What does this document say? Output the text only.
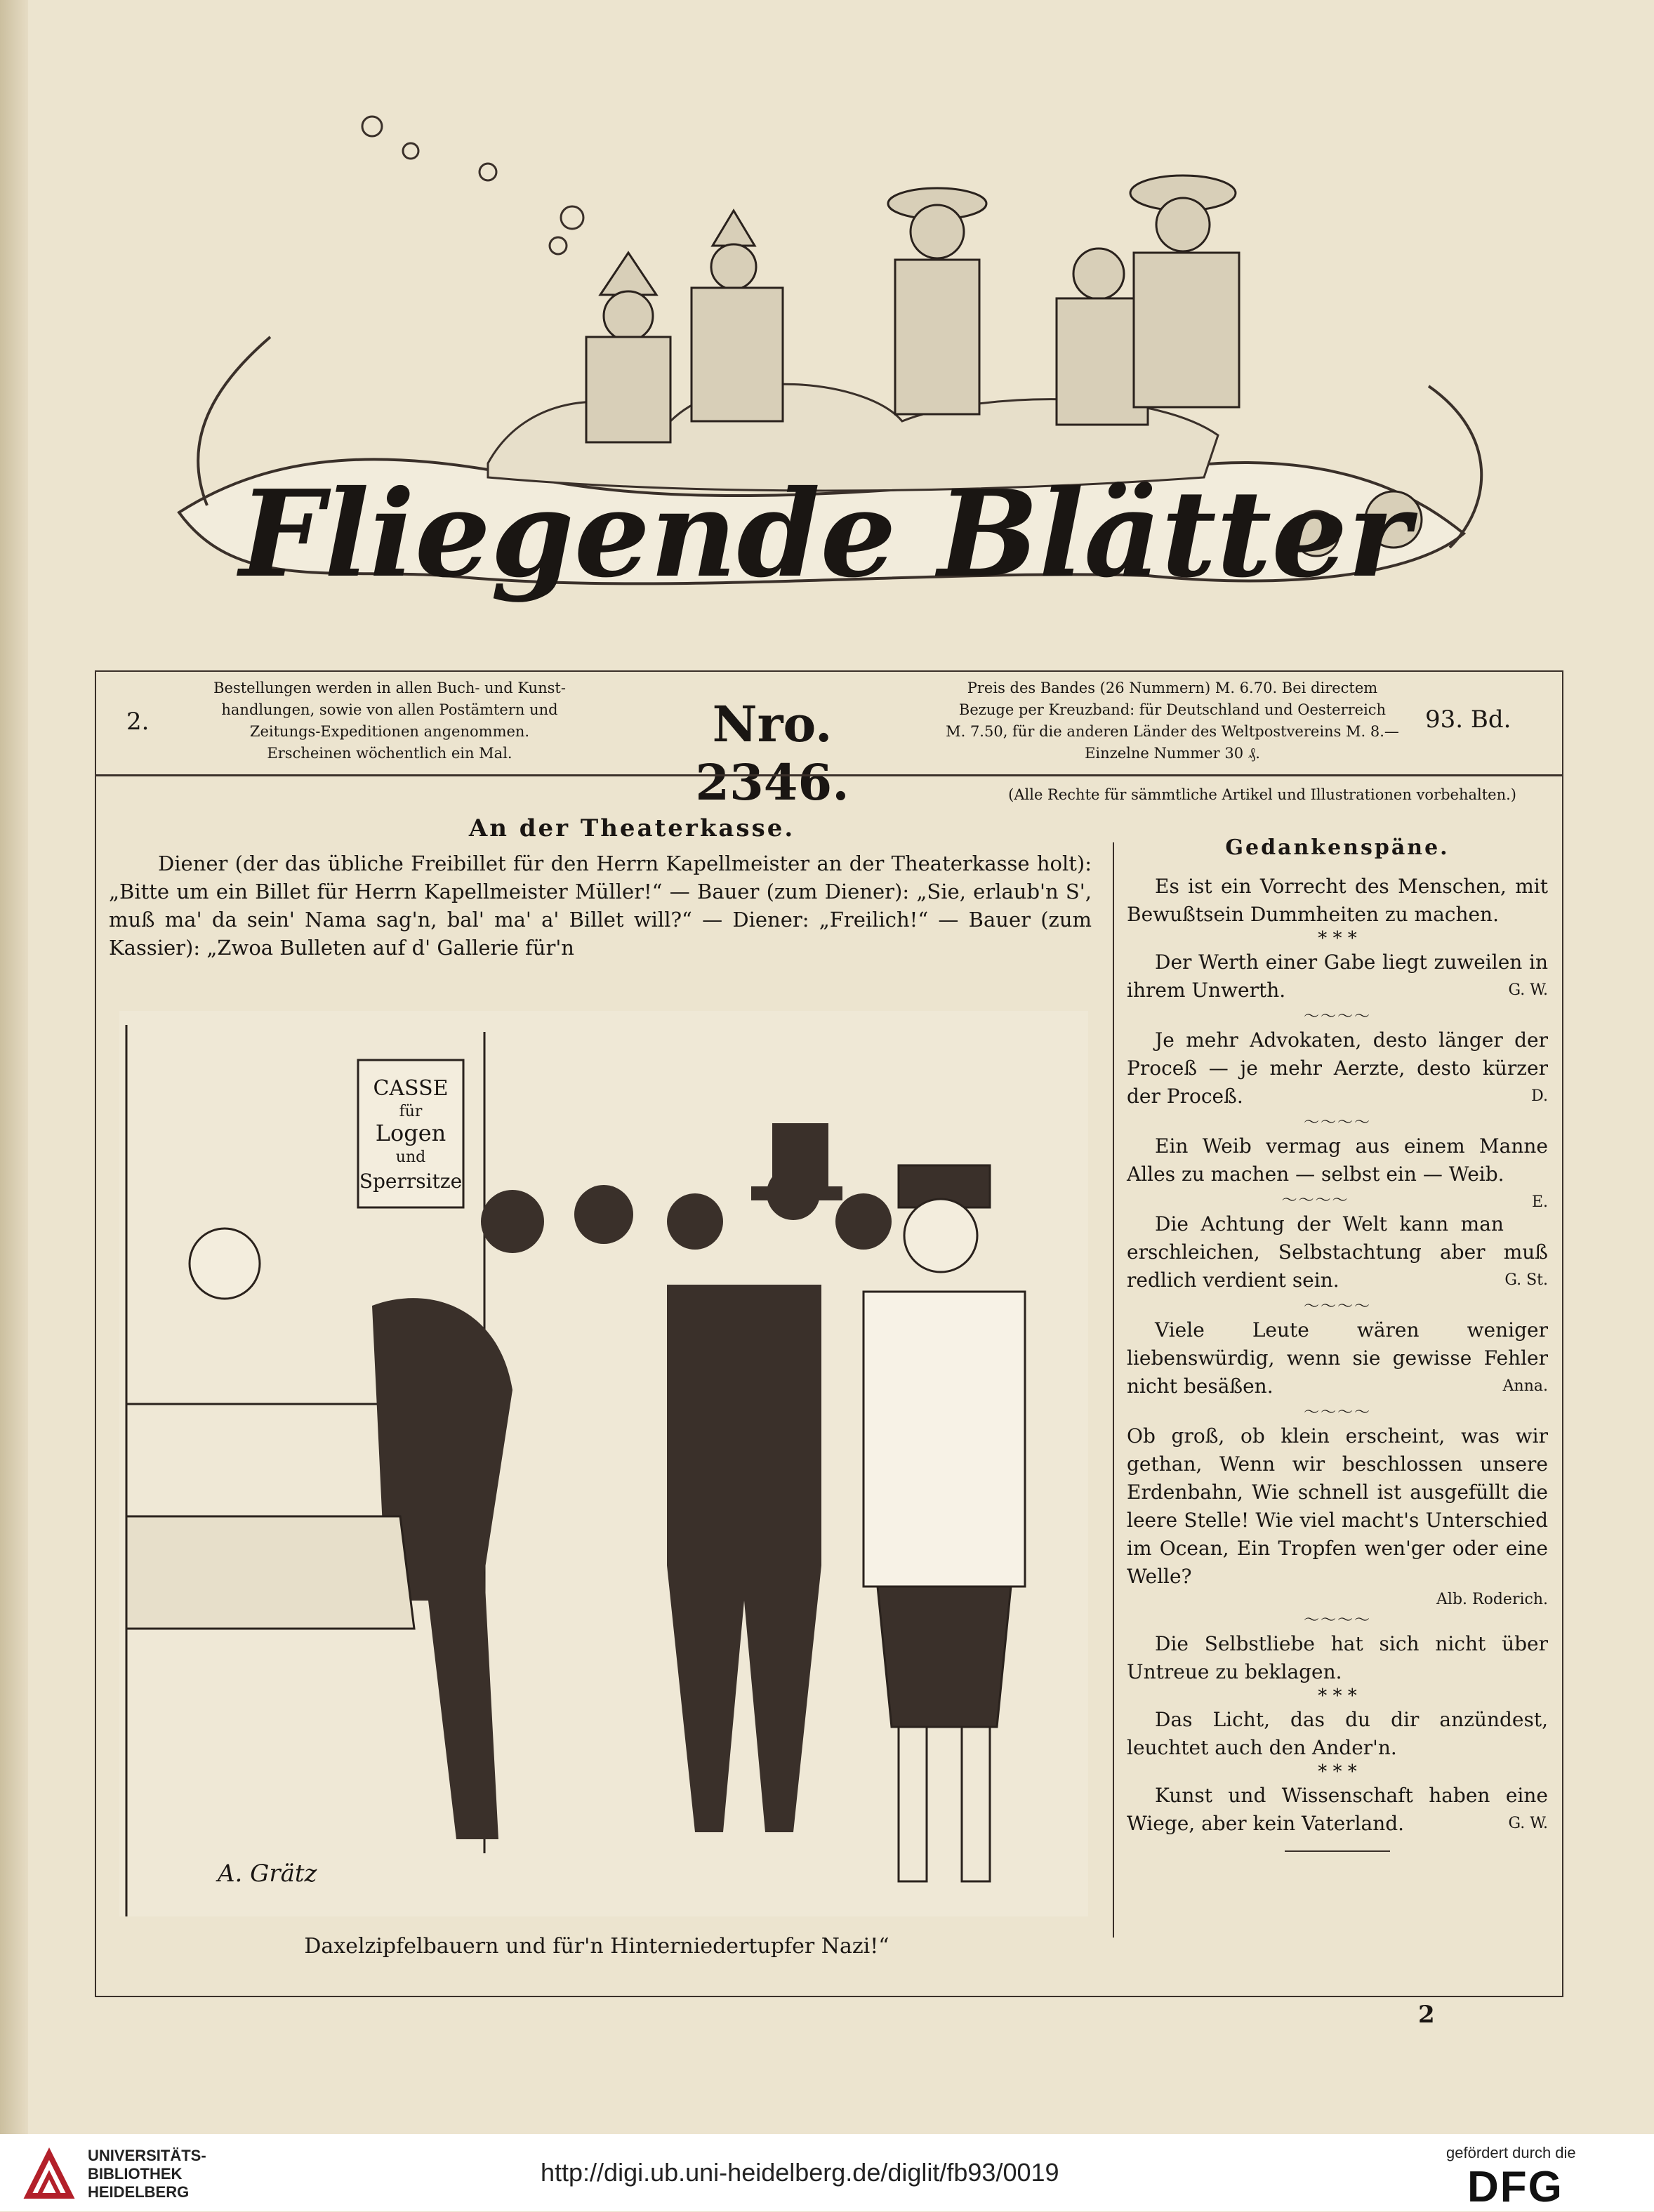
Fliegende Blätter
2.
Bestellungen werden in allen Buch- und Kunst-
handlungen, sowie von allen Postämtern und
Zeitungs-Expeditionen angenommen.
Erscheinen wöchentlich ein Mal.	Nro. 2346.
Preis des Bandes (26 Nummern) M. 6.70. Bei directem
Bezuge per Kreuzband: für Deutschland und Oesterreich
M. 7.50, für die anderen Länder des Weltpostvereins M. 8.—
Einzelne Nummer 30 ₰.
93. Bd.
(Alle Rechte für sämmtliche Artikel und Illustrationen vorbehalten.)
An der Theaterkasse.
Diener (der das übliche Freibillet für den Herrn Kapellmeister an der Theaterkasse holt): „Bitte um ein Billet für Herrn Kapellmeister Müller!“ — Bauer (zum Diener): „Sie, erlaub'n S', muß ma' da sein' Nama sag'n, bal' ma' a' Billet will?“ — Diener: „Freilich!“ — Bauer (zum Kassier): „Zwoa Bulleten auf d' Gallerie für'n
CASSE
für
Logen
und
Sperrsitze
A. Grätz
Daxelzipfelbauern und für'n Hinterniedertupfer Nazi!“
Gedankenspäne.
Es ist ein Vorrecht des Menschen, mit Bewußtsein Dummheiten zu machen.
* * *
Der Werth einer Gabe liegt zuweilen in ihrem Unwerth.	G. W.
〜〜〜〜
Je mehr Advokaten, desto länger der Proceß — je mehr Aerzte, desto kürzer der Proceß.	D.
〜〜〜〜
Ein Weib vermag aus einem Manne Alles zu machen — selbst ein — Weib.
E.
〜〜〜〜
Die Achtung der Welt kann man erschleichen, Selbstachtung aber muß redlich verdient sein.	G. St.
〜〜〜〜
Viele Leute wären weniger liebenswürdig, wenn sie gewisse Fehler nicht besäßen.	Anna.
〜〜〜〜
Ob groß, ob klein erscheint, was wir gethan, Wenn wir beschlossen unsere Erdenbahn, Wie schnell ist ausgefüllt die leere Stelle! Wie viel macht's Unterschied im Ocean, Ein Tropfen wen'ger oder eine Welle?
Alb. Roderich.
〜〜〜〜
Die Selbstliebe hat sich nicht über Untreue zu beklagen.
* * *
Das Licht, das du dir anzündest, leuchtet auch den Ander'n.
* * *
Kunst und Wissenschaft haben eine Wiege, aber kein Vaterland.	G. W.
2
UNIVERSITÄTS-
BIBLIOTHEK
HEIDELBERG
http://digi.ub.uni-heidelberg.de/diglit/fb93/0019
gefördert durch die
DFG
